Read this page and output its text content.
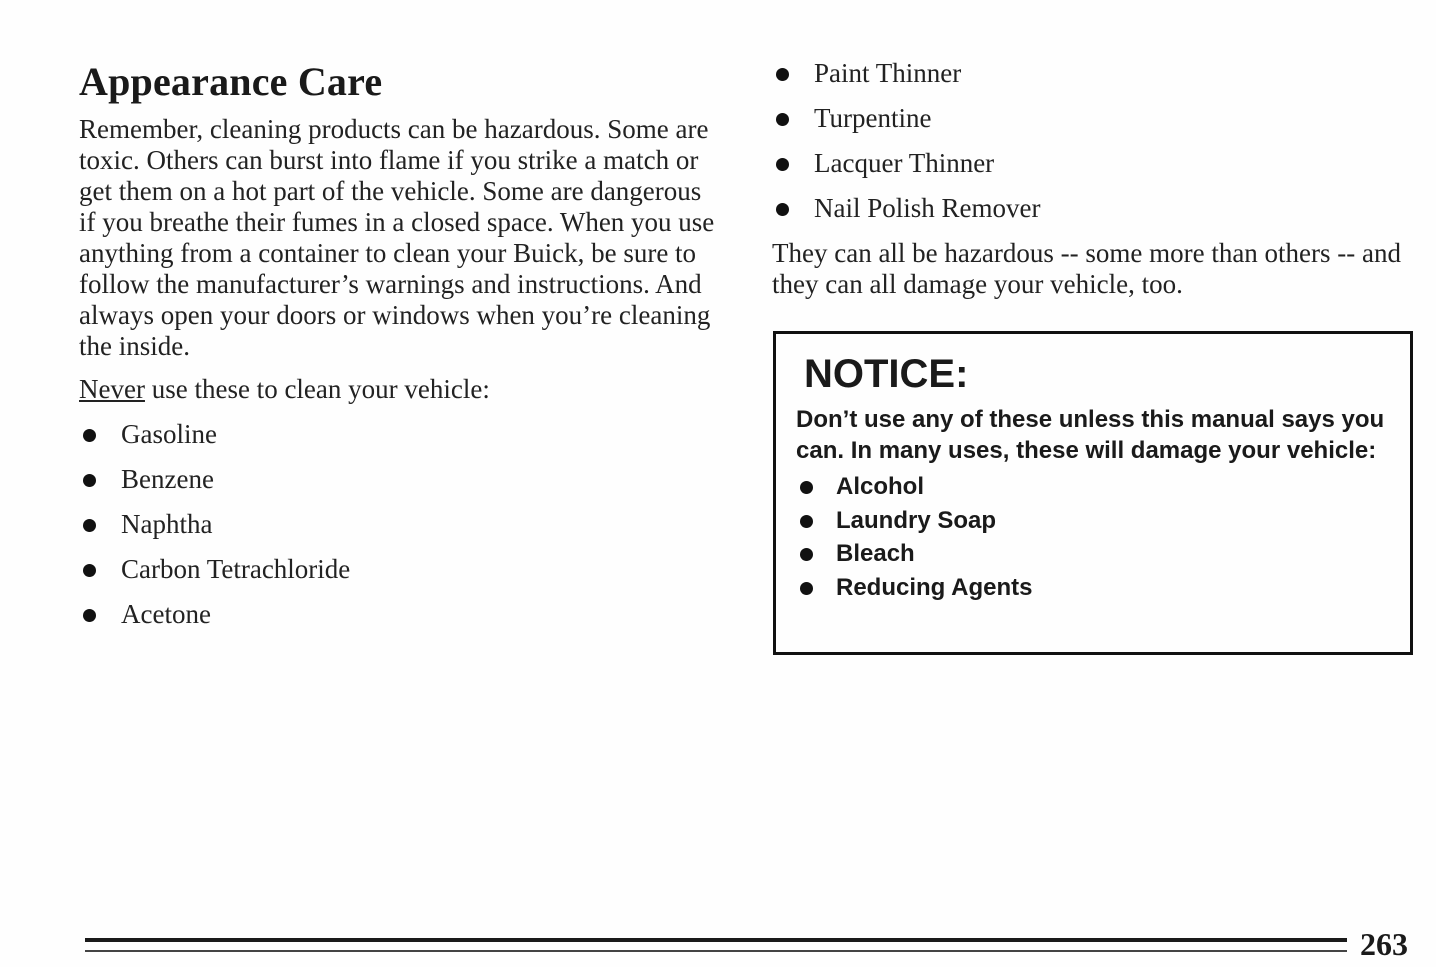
Appearance Care

Remember, cleaning products can be hazardous. Some are toxic. Others can burst into flame if you strike a match or get them on a hot part of the vehicle. Some are dangerous if you breathe their fumes in a closed space. When you use anything from a container to clean your Buick, be sure to follow the manufacturer’s warnings and instructions. And always open your doors or windows when you’re cleaning the inside.

Never use these to clean your vehicle:

Gasoline
Benzene
Naphtha
Carbon Tetrachloride
Acetone
Paint Thinner
Turpentine
Lacquer Thinner
Nail Polish Remover

They can all be hazardous -- some more than others -- and they can all damage your vehicle, too.

NOTICE:

Don’t use any of these unless this manual says you can. In many uses, these will damage your vehicle:

Alcohol
Laundry Soap
Bleach
Reducing Agents
263
